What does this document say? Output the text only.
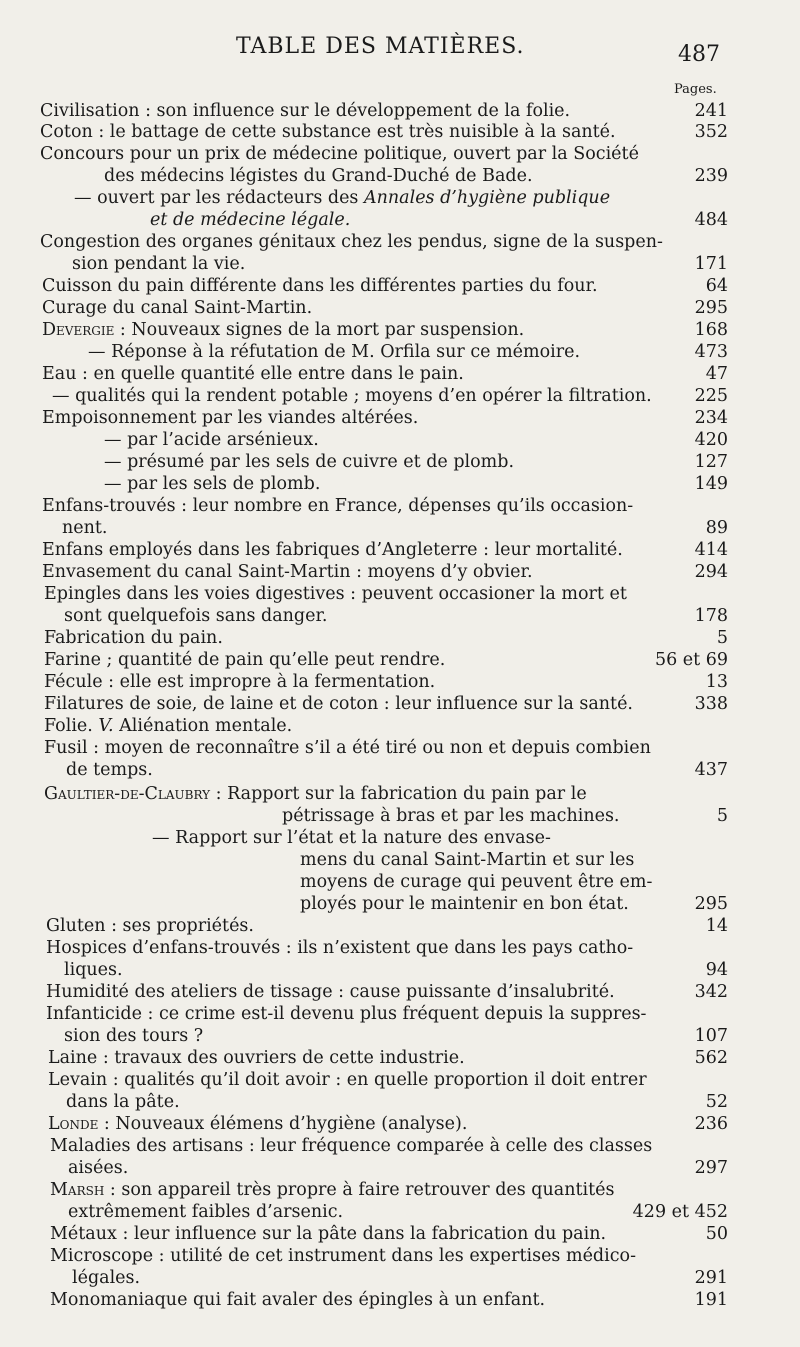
TABLE DES MATIÈRES.	487
Pages.
Civilisation : son influence sur le développement de la folie.	241
Coton : le battage de cette substance est très nuisible à la santé.	352
Concours pour un prix de médecine politique, ouvert par la Société
des médecins légistes du Grand-Duché de Bade.	239
— ouvert par les rédacteurs des Annales d’hygiène publique
et de médecine légale.	484
Congestion des organes génitaux chez les pendus, signe de la suspen-
sion pendant la vie.	171
Cuisson du pain différente dans les différentes parties du four.	64
Curage du canal Saint-Martin.	295
Devergie : Nouveaux signes de la mort par suspension.	168
— Réponse à la réfutation de M. Orfila sur ce mémoire.	473
Eau : en quelle quantité elle entre dans le pain.	47
— qualités qui la rendent potable ; moyens d’en opérer la filtration. 225
Empoisonnement par les viandes altérées.	234
— par l’acide arsénieux.	420
— présumé par les sels de cuivre et de plomb.	127
— par les sels de plomb.	149
Enfans-trouvés : leur nombre en France, dépenses qu’ils occasion-
nent.	89
Enfans employés dans les fabriques d’Angleterre : leur mortalité.	414
Envasement du canal Saint-Martin : moyens d’y obvier.	294
Epingles dans les voies digestives : peuvent occasioner la mort et
sont quelquefois sans danger.	178
Fabrication du pain.	5
Farine ; quantité de pain qu’elle peut rendre.	56 et 69
Fécule : elle est impropre à la fermentation.	13
Filatures de soie, de laine et de coton : leur influence sur la santé.	338
Folie. V. Aliénation mentale.
Fusil : moyen de reconnaître s’il a été tiré ou non et depuis combien
de temps.	437
Gaultier-de-Claubry : Rapport sur la fabrication du pain par le
pétrissage à bras et par les machines.	5
— Rapport sur l’état et la nature des envase-
mens du canal Saint-Martin et sur les
moyens de curage qui peuvent être em-
ployés pour le maintenir en bon état.	295
Gluten : ses propriétés.	14
Hospices d’enfans-trouvés : ils n’existent que dans les pays catho-
liques.	94
Humidité des ateliers de tissage : cause puissante d’insalubrité.	342
Infanticide : ce crime est-il devenu plus fréquent depuis la suppres-
sion des tours ?	107
Laine : travaux des ouvriers de cette industrie.	562
Levain : qualités qu’il doit avoir : en quelle proportion il doit entrer
dans la pâte.	52
Londe : Nouveaux élémens d’hygiène (analyse).	236
Maladies des artisans : leur fréquence comparée à celle des classes
aisées.	297
Marsh : son appareil très propre à faire retrouver des quantités
extrêmement faibles d’arsenic.	429 et 452
Métaux : leur influence sur la pâte dans la fabrication du pain.	50
Microscope : utilité de cet instrument dans les expertises médico-
légales.	291
Monomaniaque qui fait avaler des épingles à un enfant.	191
